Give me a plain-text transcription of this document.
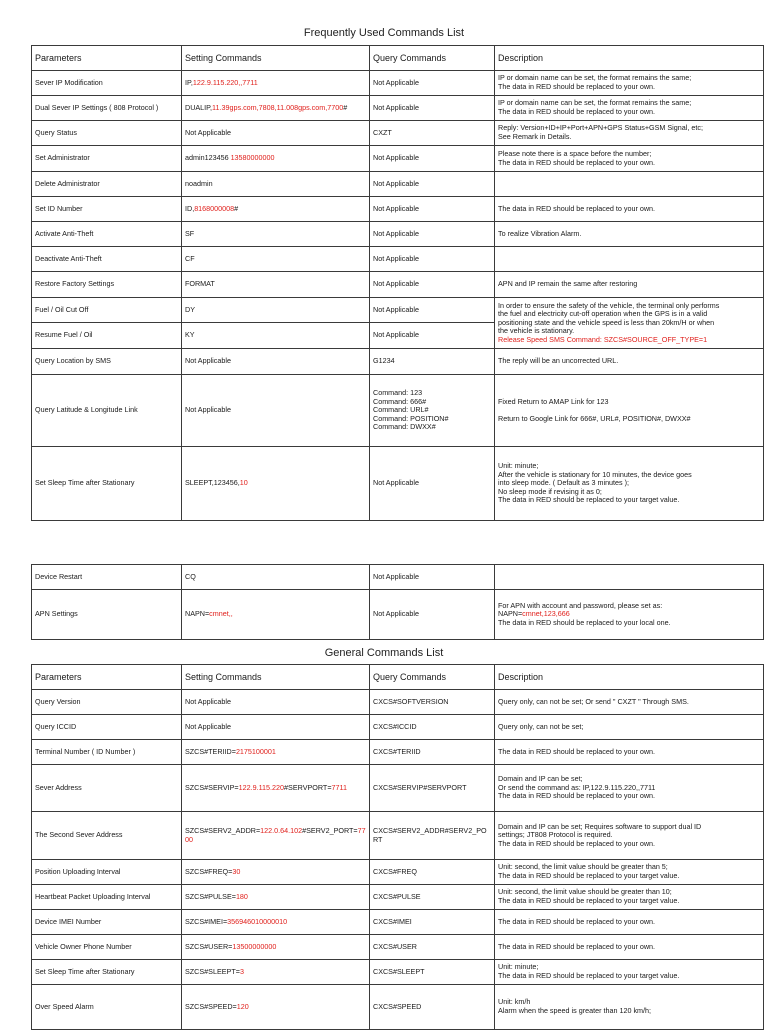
Frequently Used Commands List
Parameters	Setting Commands	Query Commands	Description
Sever IP Modification	IP,122.9.115.220,,7711	Not Applicable	IP or domain name can be set, the format remains the same;
The data in RED should be replaced to your own.

Dual Sever IP Settings ( 808 Protocol )	DUALIP,11.39gps.com,7808,11.008gps.com,7700#	Not Applicable	IP or domain name can be set, the format remains the same;
The data in RED should be replaced to your own.

Query Status	Not Applicable	CXZT	Reply: Version+ID+IP+Port+APN+GPS Status+GSM Signal, etc;
See Remark in Details.

Set Administrator	admin123456 13580000000	Not Applicable	Please note there is a space before the number;
The data in RED should be replaced to your own.

Delete Administrator	noadmin	Not Applicable	
Set ID Number	ID,8168000008#	Not Applicable	The data in RED should be replaced to your own.

Activate Anti-Theft	SF	Not Applicable	To realize Vibration Alarm.

Deactivate Anti-Theft	CF	Not Applicable	
Restore Factory Settings	FORMAT	Not Applicable	APN and IP remain the same after restoring

Fuel / Oil Cut Off	DY	Not Applicable	In order to ensure the safety of the vehicle, the terminal only performs
the fuel and electricity cut-off operation when the GPS is in a valid
positioning state and the vehicle speed is less than 20km/H or when
the vehicle is stationary.
Release Speed SMS Command: SZCS#SOURCE_OFF_TYPE=1

Resume Fuel / Oil	KY	Not Applicable	
Query Location by SMS	Not Applicable	G1234	The reply will be an uncorrected URL.

Query Latitude & Longitude Link	Not Applicable	Command: 123
Command: 666#
Command: URL#
Command: POSITION#
Command: DWXX#	Fixed Return to AMAP Link for 123

Return to Google Link for 666#, URL#, POSITION#, DWXX#

Set Sleep Time after Stationary	SLEEPT,123456,10	Not Applicable	Unit: minute;
After the vehicle is stationary for 10 minutes, the device goes
into sleep mode. ( Default as 3 minutes );
No sleep mode if revising it as 0;
The data in RED should be replaced to your target value.
Device Restart	CQ	Not Applicable	
APN Settings	NAPN=cmnet,,	Not Applicable	For APN with account and password, please set as:
NAPN=cmnet,123,666
The data in RED should be replaced to your local one.
General Commands List
Parameters	Setting Commands	Query Commands	Description
Query Version	Not Applicable	CXCS#SOFTVERSION	Query only, can not be set; Or send " CXZT " Through SMS.

Query ICCID	Not Applicable	CXCS#ICCID	Query only, can not be set;

Terminal Number ( ID Number )	SZCS#TERIID=2175100001	CXCS#TERIID	The data in RED should be replaced to your own.

Sever Address	SZCS#SERVIP=122.9.115.220#SERVPORT=7711	CXCS#SERVIP#SERVPORT	Domain and IP can be set;
Or send the command as: IP,122.9.115.220,,7711
The data in RED should be replaced to your own.

The Second Sever Address	SZCS#SERV2_ADDR=122.0.64.102#SERV2_PORT=7700	CXCS#SERV2_ADDR#SERV2_PORT	Domain and IP can be set; Requires software to support dual ID
settings; JT808 Protocol is required.
The data in RED should be replaced to your own.

Position Uploading Interval	SZCS#FREQ=30	CXCS#FREQ	Unit: second, the limit value should be greater than 5;
The data in RED should be replaced to your target value.

Heartbeat Packet Uploading Interval	SZCS#PULSE=180	CXCS#PULSE	Unit: second, the limit value should be greater than 10;
The data in RED should be replaced to your target value.

Device IMEI Number	SZCS#IMEI=356946010000010	CXCS#IMEI	The data in RED should be replaced to your own.

Vehicle Owner Phone Number	SZCS#USER=13500000000	CXCS#USER	The data in RED should be replaced to your own.

Set Sleep Time after Stationary	SZCS#SLEEPT=3	CXCS#SLEEPT	Unit: minute;
The data in RED should be replaced to your target value.

Over Speed Alarm	SZCS#SPEED=120	CXCS#SPEED	Unit: km/h
Alarm when the speed is greater than 120 km/h;
